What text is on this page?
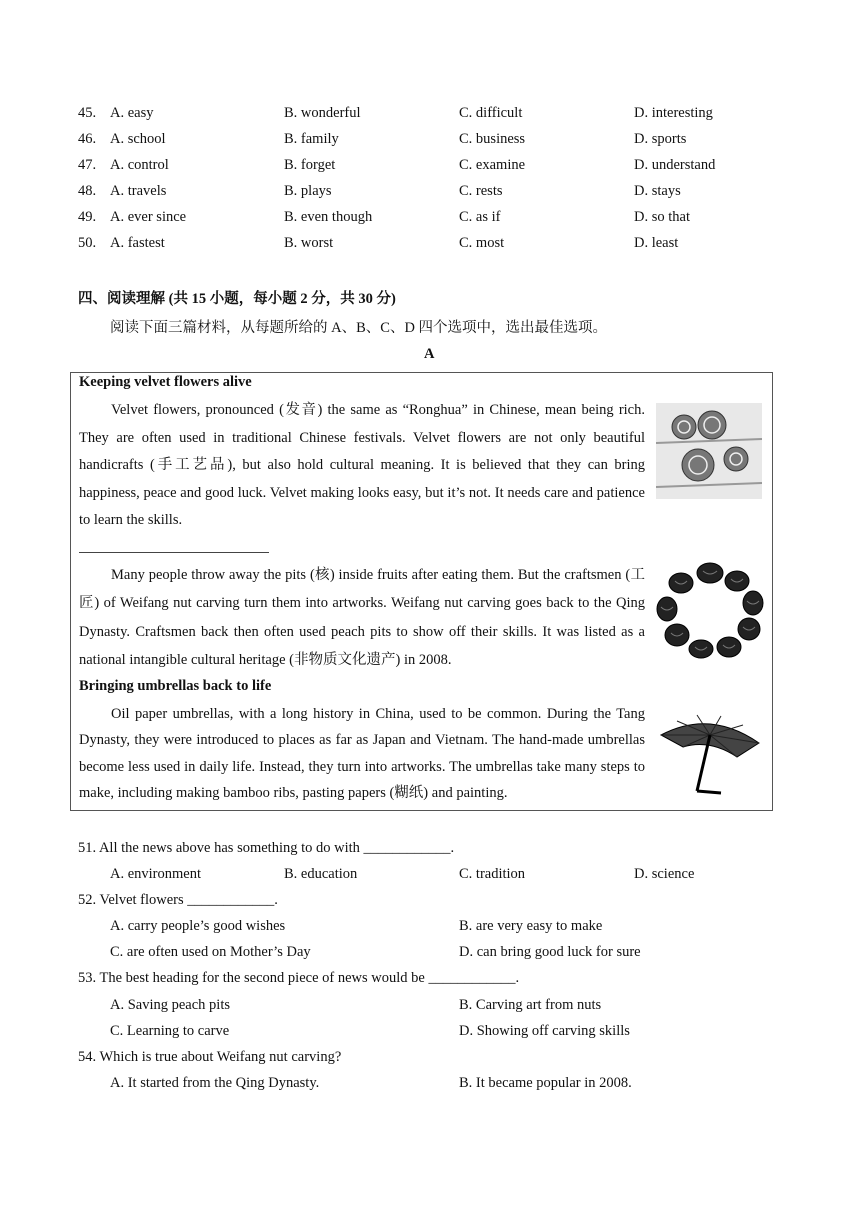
45. A. easy	B. wonderful	C. difficult	D. interesting
46. A. school	B. family	C. business	D. sports
47. A. control	B. forget	C. examine	D. understand
48. A. travels	B. plays	C. rests	D. stays
49. A. ever since	B. even though	C. as if	D. so that
50. A. fastest	B. worst	C. most	D. least
四、阅读理解 (共 15 小题，每小题 2 分，共 30 分)
阅读下面三篇材料，从每题所给的 A、B、C、D 四个选项中，选出最佳选项。
A
Keeping velvet flowers alive

Velvet flowers, pronounced (发音) the same as “Ronghua” in Chinese, mean being rich. They are often used in traditional Chinese festivals. Velvet flowers are not only beautiful handicrafts (手工艺品), but also hold cultural meaning. It is believed that they can bring happiness, peace and good luck. Velvet making looks easy, but it’s not. It needs care and patience to learn the skills.

Many people throw away the pits (核) inside fruits after eating them. But the craftsmen (工匠) of Weifang nut carving turn them into artworks. Weifang nut carving goes back to the Qing Dynasty. Craftsmen back then often used peach pits to show off their skills. It was listed as a national intangible cultural heritage (非物质文化遗产) in 2008.

Bringing umbrellas back to life

Oil paper umbrellas, with a long history in China, used to be common. During the Tang Dynasty, they were introduced to places as far as Japan and Vietnam. The hand-made umbrellas become less used in daily life. Instead, they turn into artworks. The umbrellas take many steps to make, including making bamboo ribs, pasting papers (糊纸) and painting.

51. All the news above has something to do with ____________.
A. environment	B. education	C. tradition	D. science
52. Velvet flowers ____________.
A. carry people’s good wishes	B. are very easy to make
C. are often used on Mother’s Day	D. can bring good luck for sure
53. The best heading for the second piece of news would be ____________.
A. Saving peach pits	B. Carving art from nuts
C. Learning to carve	D. Showing off carving skills
54. Which is true about Weifang nut carving?
A. It started from the Qing Dynasty.	B. It became popular in 2008.
